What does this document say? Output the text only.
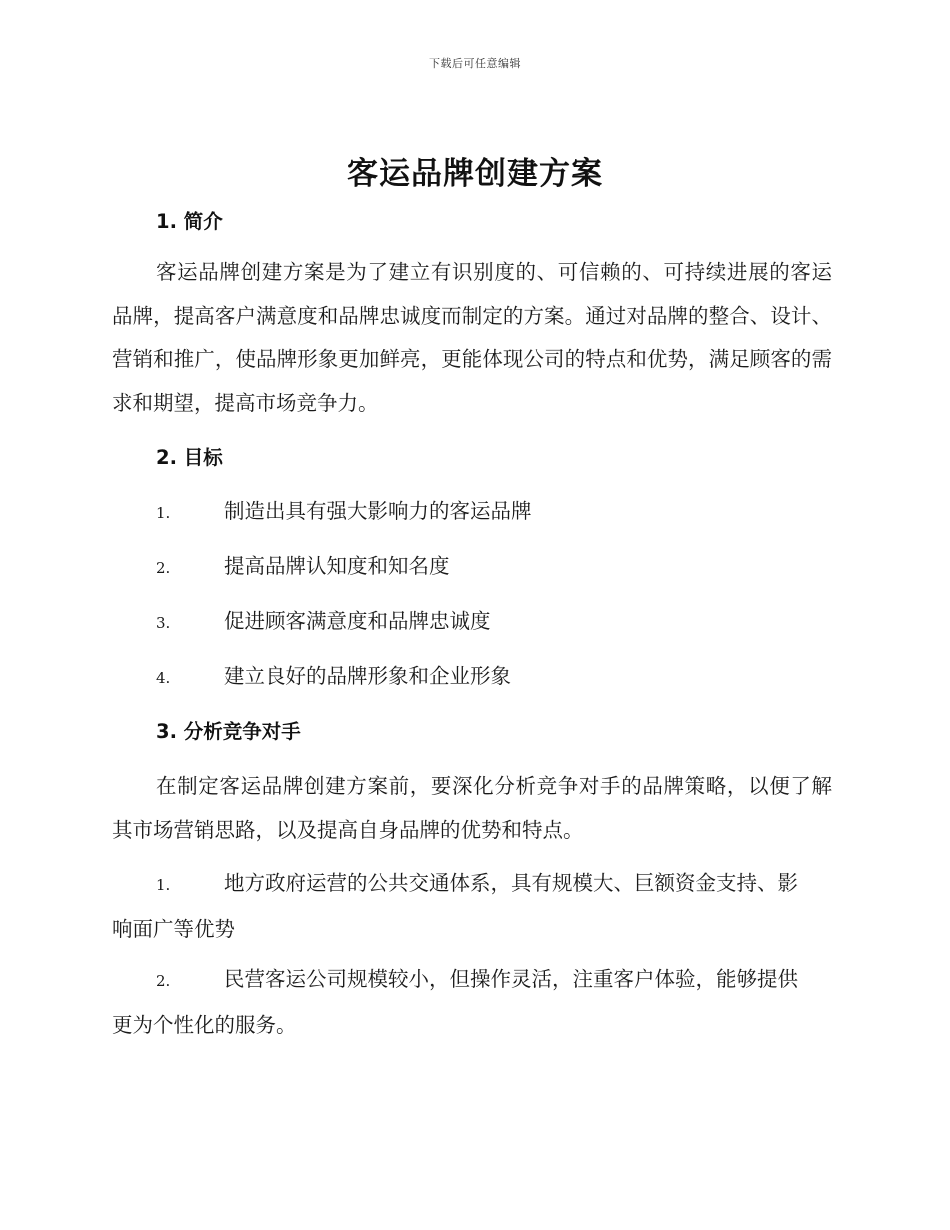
下载后可任意编辑
客运品牌创建方案
1. 简介

客运品牌创建方案是为了建立有识别度的、可信赖的、可持续进展的客运品牌，提高客户满意度和品牌忠诚度而制定的方案。通过对品牌的整合、设计、营销和推广，使品牌形象更加鲜亮，更能体现公司的特点和优势，满足顾客的需求和期望，提高市场竞争力。

2. 目标
1.	制造出具有强大影响力的客运品牌
2.	提高品牌认知度和知名度
3.	促进顾客满意度和品牌忠诚度
4.	建立良好的品牌形象和企业形象
3. 分析竞争对手

在制定客运品牌创建方案前，要深化分析竞争对手的品牌策略，以便了解其市场营销思路，以及提高自身品牌的优势和特点。

1.	地方政府运营的公共交通体系，具有规模大、巨额资金支持、影
响面广等优势
2.	民营客运公司规模较小，但操作灵活，注重客户体验，能够提供
更为个性化的服务。
